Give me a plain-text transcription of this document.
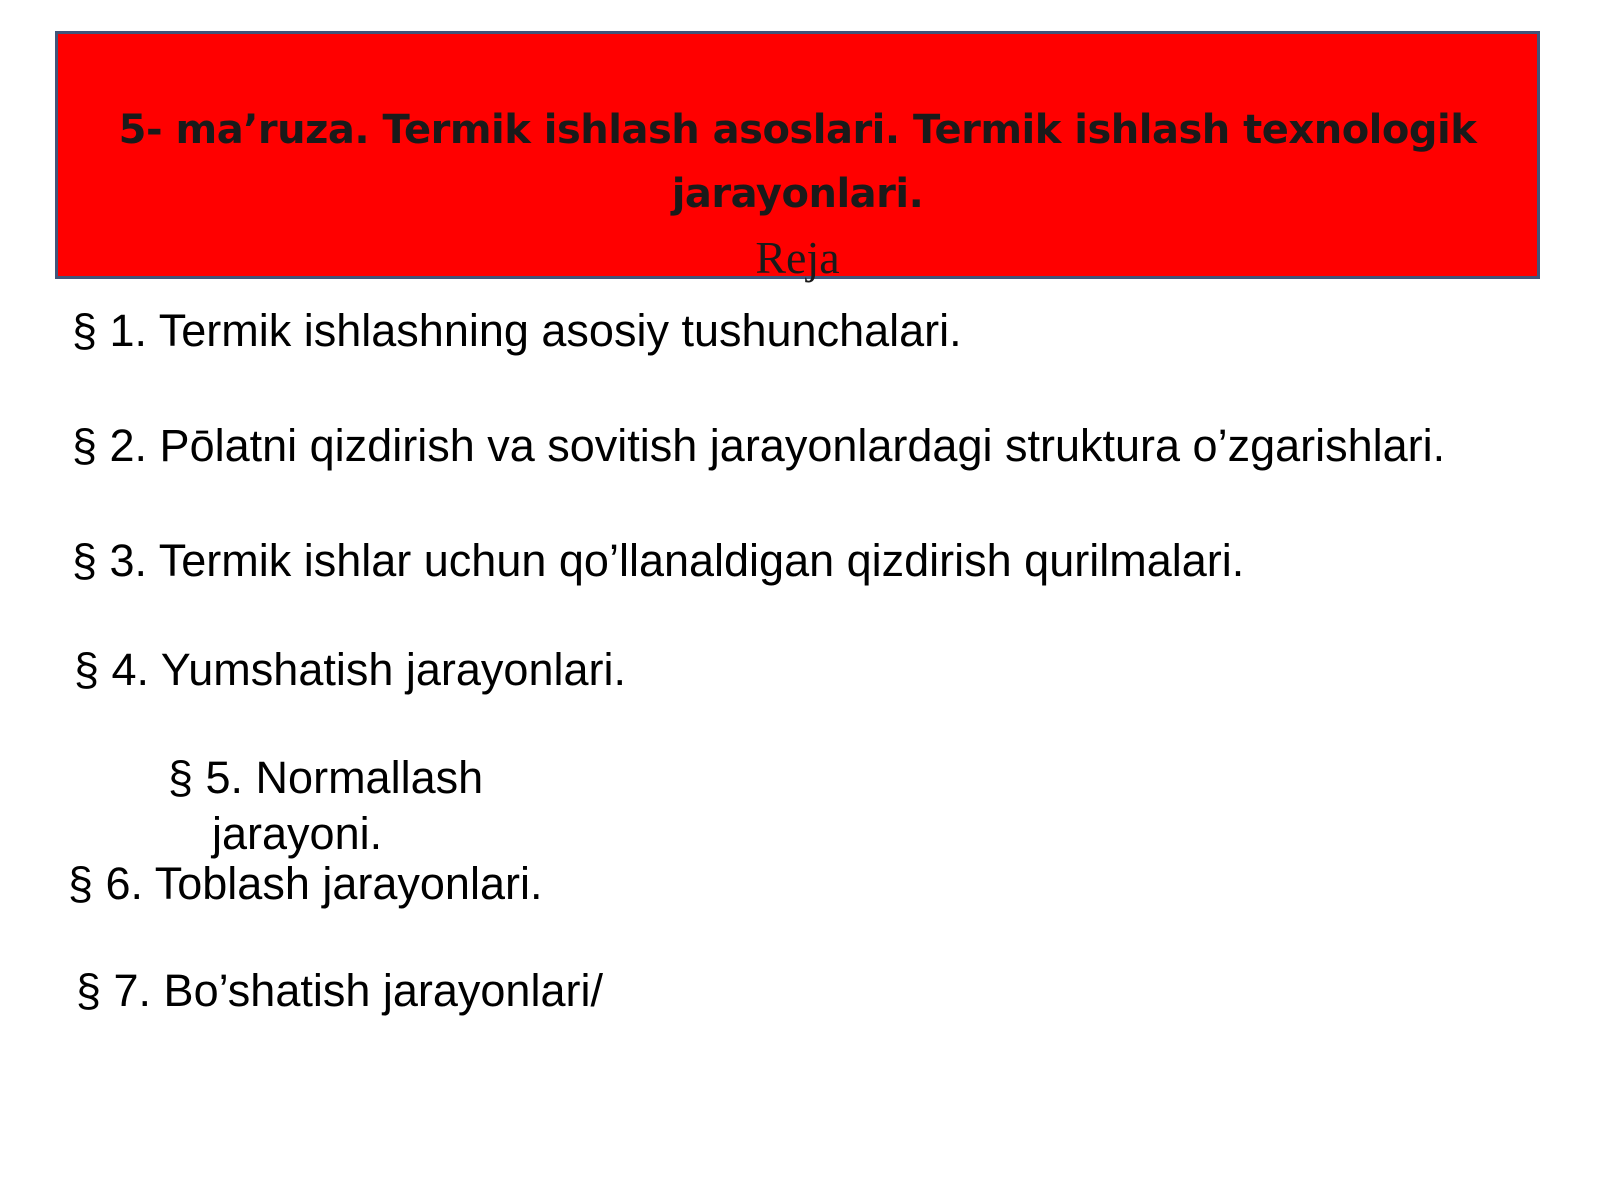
5- ma’ruza. Termik ishlash asoslari. Termik ishlash texnologik jarayonlari.
Reja
§ 1. Termik ishlashning asosiy tushunchalari.
§ 2. Pōlatni qizdirish va sovitish jarayonlardagi struktura o’zgarishlari.
§ 3. Termik ishlar uchun qo’llanaldigan qizdirish qurilmalari.
§ 4. Yumshatish jarayonlari.
§ 5. Normallash
jarayoni.
§ 6. Toblash jarayonlari.
§ 7. Bo’shatish jarayonlari/
